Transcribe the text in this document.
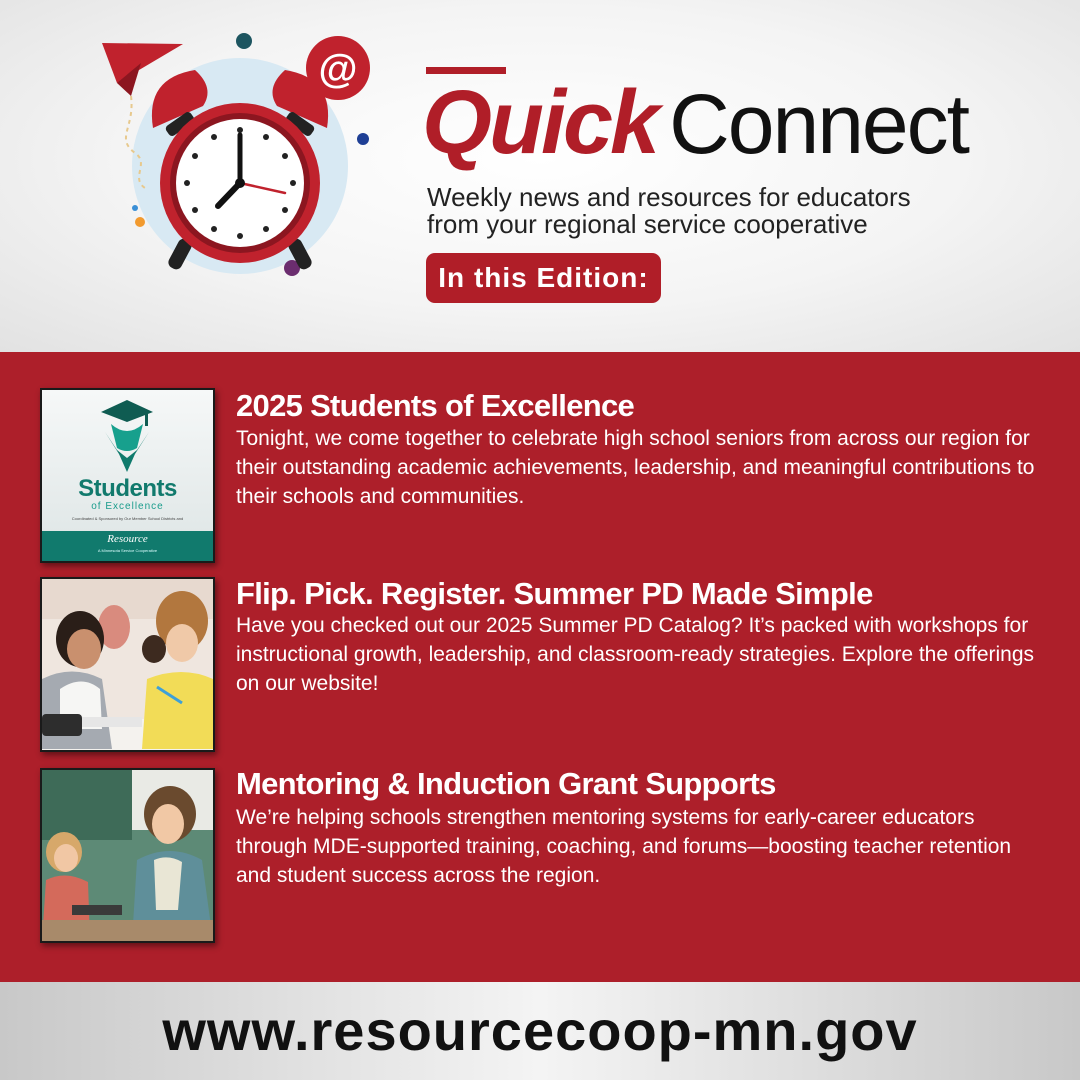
@
Quick Connect
Weekly news and resources for educators
from your regional service cooperative
In this Edition:
Students
of Excellence
Coordinated & Sponsored by Our Member School Districts and
Resource
A Minnesota Service Cooperative
2025 Students of Excellence
Tonight, we come together to celebrate high school seniors from across our region for their outstanding academic achievements, leadership, and meaningful contributions to their schools and communities.
Flip. Pick. Register. Summer PD Made Simple
Have you checked out our 2025 Summer PD Catalog? It’s packed with workshops for instructional growth, leadership, and classroom-ready strategies. Explore the offerings on our website!
Mentoring & Induction Grant Supports
We’re helping schools strengthen mentoring systems for early-career educators through MDE-supported training, coaching, and forums—boosting teacher retention and student success across the region.
www.resourcecoop-mn.gov
